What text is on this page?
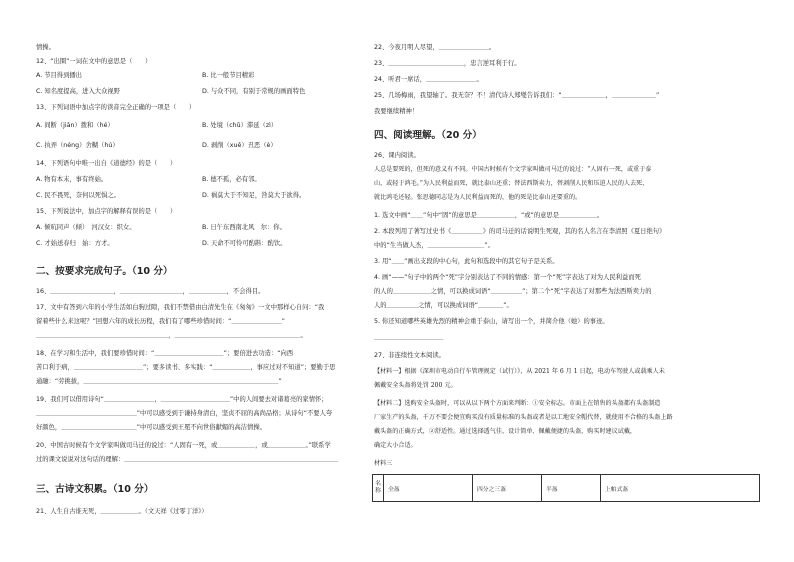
情操。
12、“出圈”一词在文中的意思是（　　）
A. 节目得到播出	B. 比一般节目精彩
C. 知名度提高，进入大众视野	D. 与众不同，有别于常规的画面特色
13、下列词语中加点字的读音完全正确的一项是（　　）
A. 间断（jiān）拨和（hé）	B. 处境（chǔ）滞延（zì）
C. 执弄（néng）舍糊（hú）	D. 剥削（xuē）丑恶（è）
14、下列语句中唯一出自《道德经》的是（　　）
A. 物有本末，事有终始。	B. 德不孤，必有邻。
C. 民不畏死，奈何以死惧之。	D. 祸莫大于不知足，咎莫大于欲得。
15、下列说法中，加点字的解释有误的是（　　）
A. 倾吭同声（倾）　河汉女：织女。	B. 日午东西南北风　尔：你。
C. 才始送春归　始：方才。	D. 天命不可怜可酌斟：酌饮。
二、按要求完成句子。（10 分）
16、＿＿＿＿＿＿＿＿＿＿，＿＿＿＿＿＿＿＿＿＿，＿＿＿＿＿＿，不会得目。
17、文中有答到六年的小学生活如白驹过隙，我们不禁借由白清先生在《匆匆》一文中那样心自问：“我
留着些什么来这呢？”回想六年的成长历程，我们有了哪些珍惜时间：“＿＿＿＿＿＿＿＿”
＿＿＿＿＿＿＿＿＿＿＿＿＿＿＿＿＿＿＿＿＿，＿＿＿＿＿＿＿＿＿＿＿＿＿＿＿＿＿＿＿＿。
18、在学习和生活中，我们要珍惜时间：“＿＿＿＿＿＿＿＿＿＿＿”；要倍进去功造：“向西
苦口利于病，＿＿＿＿＿＿＿＿＿＿＿”；要多读书、多实践：“＿＿＿＿＿＿，事应过对不知道”；要勤于思
通融：“劳挑拔，＿＿＿＿＿＿＿＿＿＿＿＿＿＿＿＿＿＿＿＿＿＿＿＿＿＿＿＿＿＿＿”
19、我们可以借用诗句“＿＿＿＿＿＿＿＿，＿＿＿＿＿＿＿＿＿＿＿”中的人间要去对诸葛亮的家情怀；
＿＿＿＿＿＿＿＿＿＿＿＿＿＿＿＿”中可以感受到于谦持身清白，坚贞不屈的高尚品格；从诗句“不要人夸
好颜色，＿＿＿＿＿＿＿＿＿＿＿＿”中可以感受到王冕不向世俗献媚的高洁情操。
20、中国古时候有个文学家叫做司马迁的说过：“人固有一死，或＿＿＿＿＿＿，或＿＿＿＿＿＿。”联系学
过的课文说说对这句话的理解：＿＿＿＿＿＿＿＿＿＿＿＿＿＿＿＿＿＿＿＿＿＿＿＿＿＿＿＿＿＿＿＿＿＿
三、古诗文积累。（10 分）
21、人生自古谁无死，＿＿＿＿＿＿。（文天祥《过零丁洋》）
22、今夜月明人尽望，＿＿＿＿＿＿＿＿。
23、＿＿＿＿＿＿＿＿＿＿＿＿，忠言逆耳利于行。
24、听君一席话，＿＿＿＿＿＿＿＿。
25、几场梅雨，我望轴了。我无奈？不！清代诗人郑燮告诉我们：“＿＿＿＿＿＿＿，＿＿＿＿＿＿＿”
我要继续精神！
四、阅读理解。（20 分）
26、课内阅读。
人总是要死的，但死的意义有不同。中国古时候有个文学家叫做司马迁的说过：“人固有一死，或重于泰
山，或轻于鸿毛。”为人民利益而死，就比泰山还重；替法西斯卖力，替剥削人民和压迫人民的人去死，
就比鸿毛还轻。张思德同志是为人民利益而死的，他的死是比泰山还要重的。
1. 选文中画“＿＿”句中“固”的意思是＿＿＿＿＿＿，“或”的意思是＿＿＿＿＿＿。
2. 本段列用了著写过史书《＿＿＿＿＿》的司马迁的话说明生死观，其的名人名言在李清照《夏日绝句》
中的“生当做人杰，＿＿＿＿＿＿＿＿＿”。
3. 用“＿＿”画出支段的中心句，此句和选段中的其它句子是关系。
4. 画“——”句子中的两个“死”字分别表达了不同的情感：第一个“死”字表达了对为人民利益而死
的人的＿＿＿＿＿＿之情，可以换成词语“＿＿＿＿＿”；第二个“死”字表达了对那些为法西斯卖力的
人的＿＿＿＿＿之情，可以换成词语“＿＿＿＿”。
5. 你还知道哪些英雄先烈的精神会重于泰山，请写出一个，并简介他（她）的事迹。
＿＿＿＿＿＿＿＿＿＿＿
27、非连续性文本阅读。
【材料一】根据《深圳市电动自行车管理规定（试行）》，从 2021 年 6 月 1 日起，电动车驾驶人或载乘人未
佩戴安全头盔将处罚 200 元。
【材料二】选购安全头盔时，可以从以下两个方面来判断：①安全标志。市面上在销售的头盔都有头盔制造
厂家生产的头盔，千万不要会便宜购买没有质量标准的头盔或者是以工地安全帽代替，就使用不合格的头盔上路
戴头盔的正确方式，②舒适性。通过选择透气佳、设计简单、佩戴便捷的头盔，购买时建议试戴，
确定大小合适。
材料三
名称	全盔	四分之三盔	半盔	上帕式盔
